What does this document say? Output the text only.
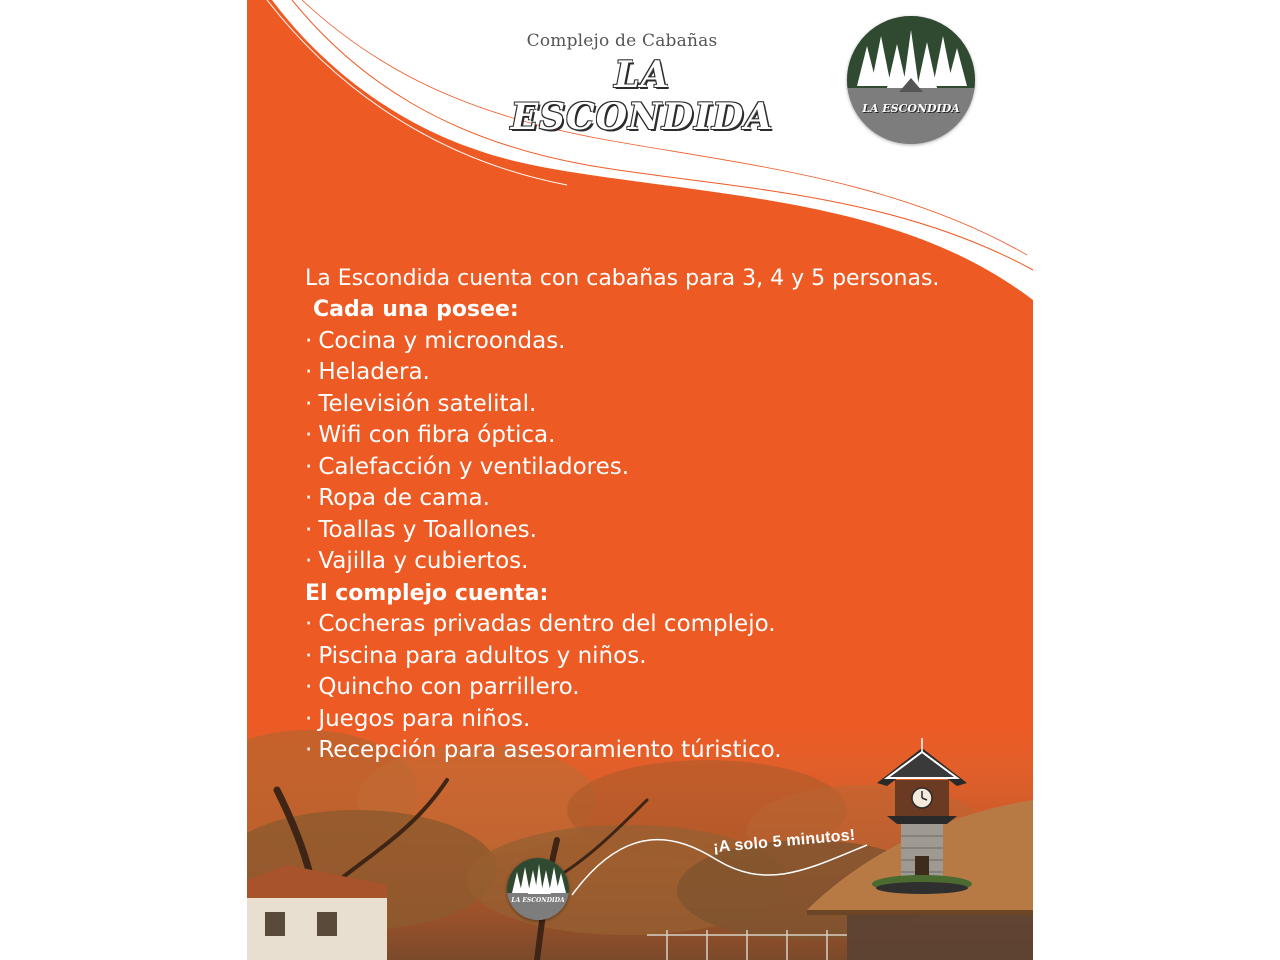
Complejo de Cabañas
LA ESCONDIDA	LA ESCONDIDA

La Escondida cuenta con cabañas para 3, 4 y 5 personas.

Cada una posee:

· Cocina y microondas.
· Heladera.
· Televisión satelital.
· Wifi con fibra óptica.
· Calefacción y ventiladores.
· Ropa de cama.
· Toallas y Toallones.
· Vajilla y cubiertos.

El complejo cuenta:

· Cocheras privadas dentro del complejo.
· Piscina para adultos y niños.
· Quincho con parrillero.
· Juegos para niños.
· Recepción para asesoramiento túristico.
¡A solo 5 minutos!
LA ESCONDIDA
